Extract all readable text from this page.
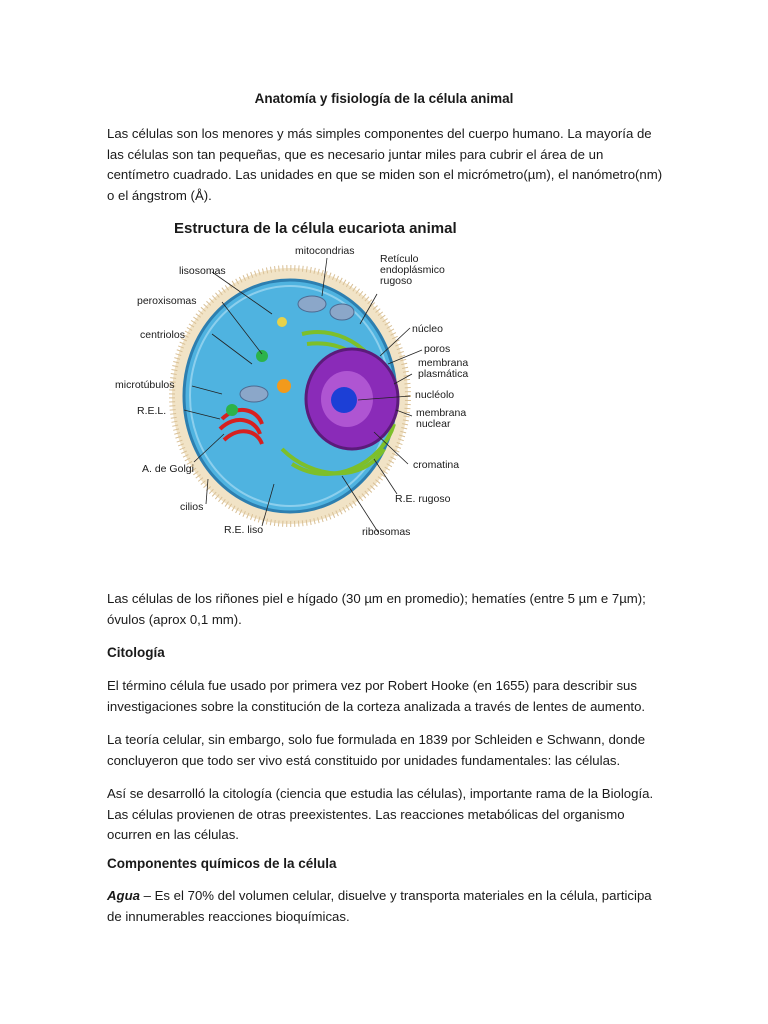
Anatomía y fisiología de la célula animal
Las células son los menores y más simples componentes del cuerpo humano. La mayoría de las células son tan pequeñas, que es necesario juntar miles para cubrir el área de un centímetro cuadrado. Las unidades en que se miden son el micrómetro(µm), el nanómetro(nm) o el ángstrom (Å).
Estructura de la célula eucariota animal
mitocondrias
Retículo endoplásmico rugoso
lisosomas
peroxisomas
centriolos	núcleo
poros
membrana plasmática
microtúbulos
R.E.L.
nucléolo
membrana nuclear
A. de Golgi	cromatina
R.E. rugoso
cilios
R.E. liso	ribosomas
Las células de los riñones piel e hígado (30 µm en promedio); hematíes (entre 5 µm e 7µm); óvulos (aprox 0,1 mm).
Citología
El término célula fue usado por primera vez por Robert Hooke (en 1655) para describir sus investigaciones sobre la constitución de la corteza analizada a través de lentes de aumento.
La teoría celular, sin embargo, solo fue formulada en 1839 por Schleiden e Schwann, donde concluyeron que todo ser vivo está constituido por unidades fundamentales: las células.
Así se desarrolló la citología (ciencia que estudia las células), importante rama de la Biología. Las células provienen de otras preexistentes. Las reacciones metabólicas del organismo ocurren en las células.
Componentes químicos de la célula
Agua – Es el 70% del volumen celular, disuelve y transporta materiales en la célula, participa de innumerables reacciones bioquímicas.
